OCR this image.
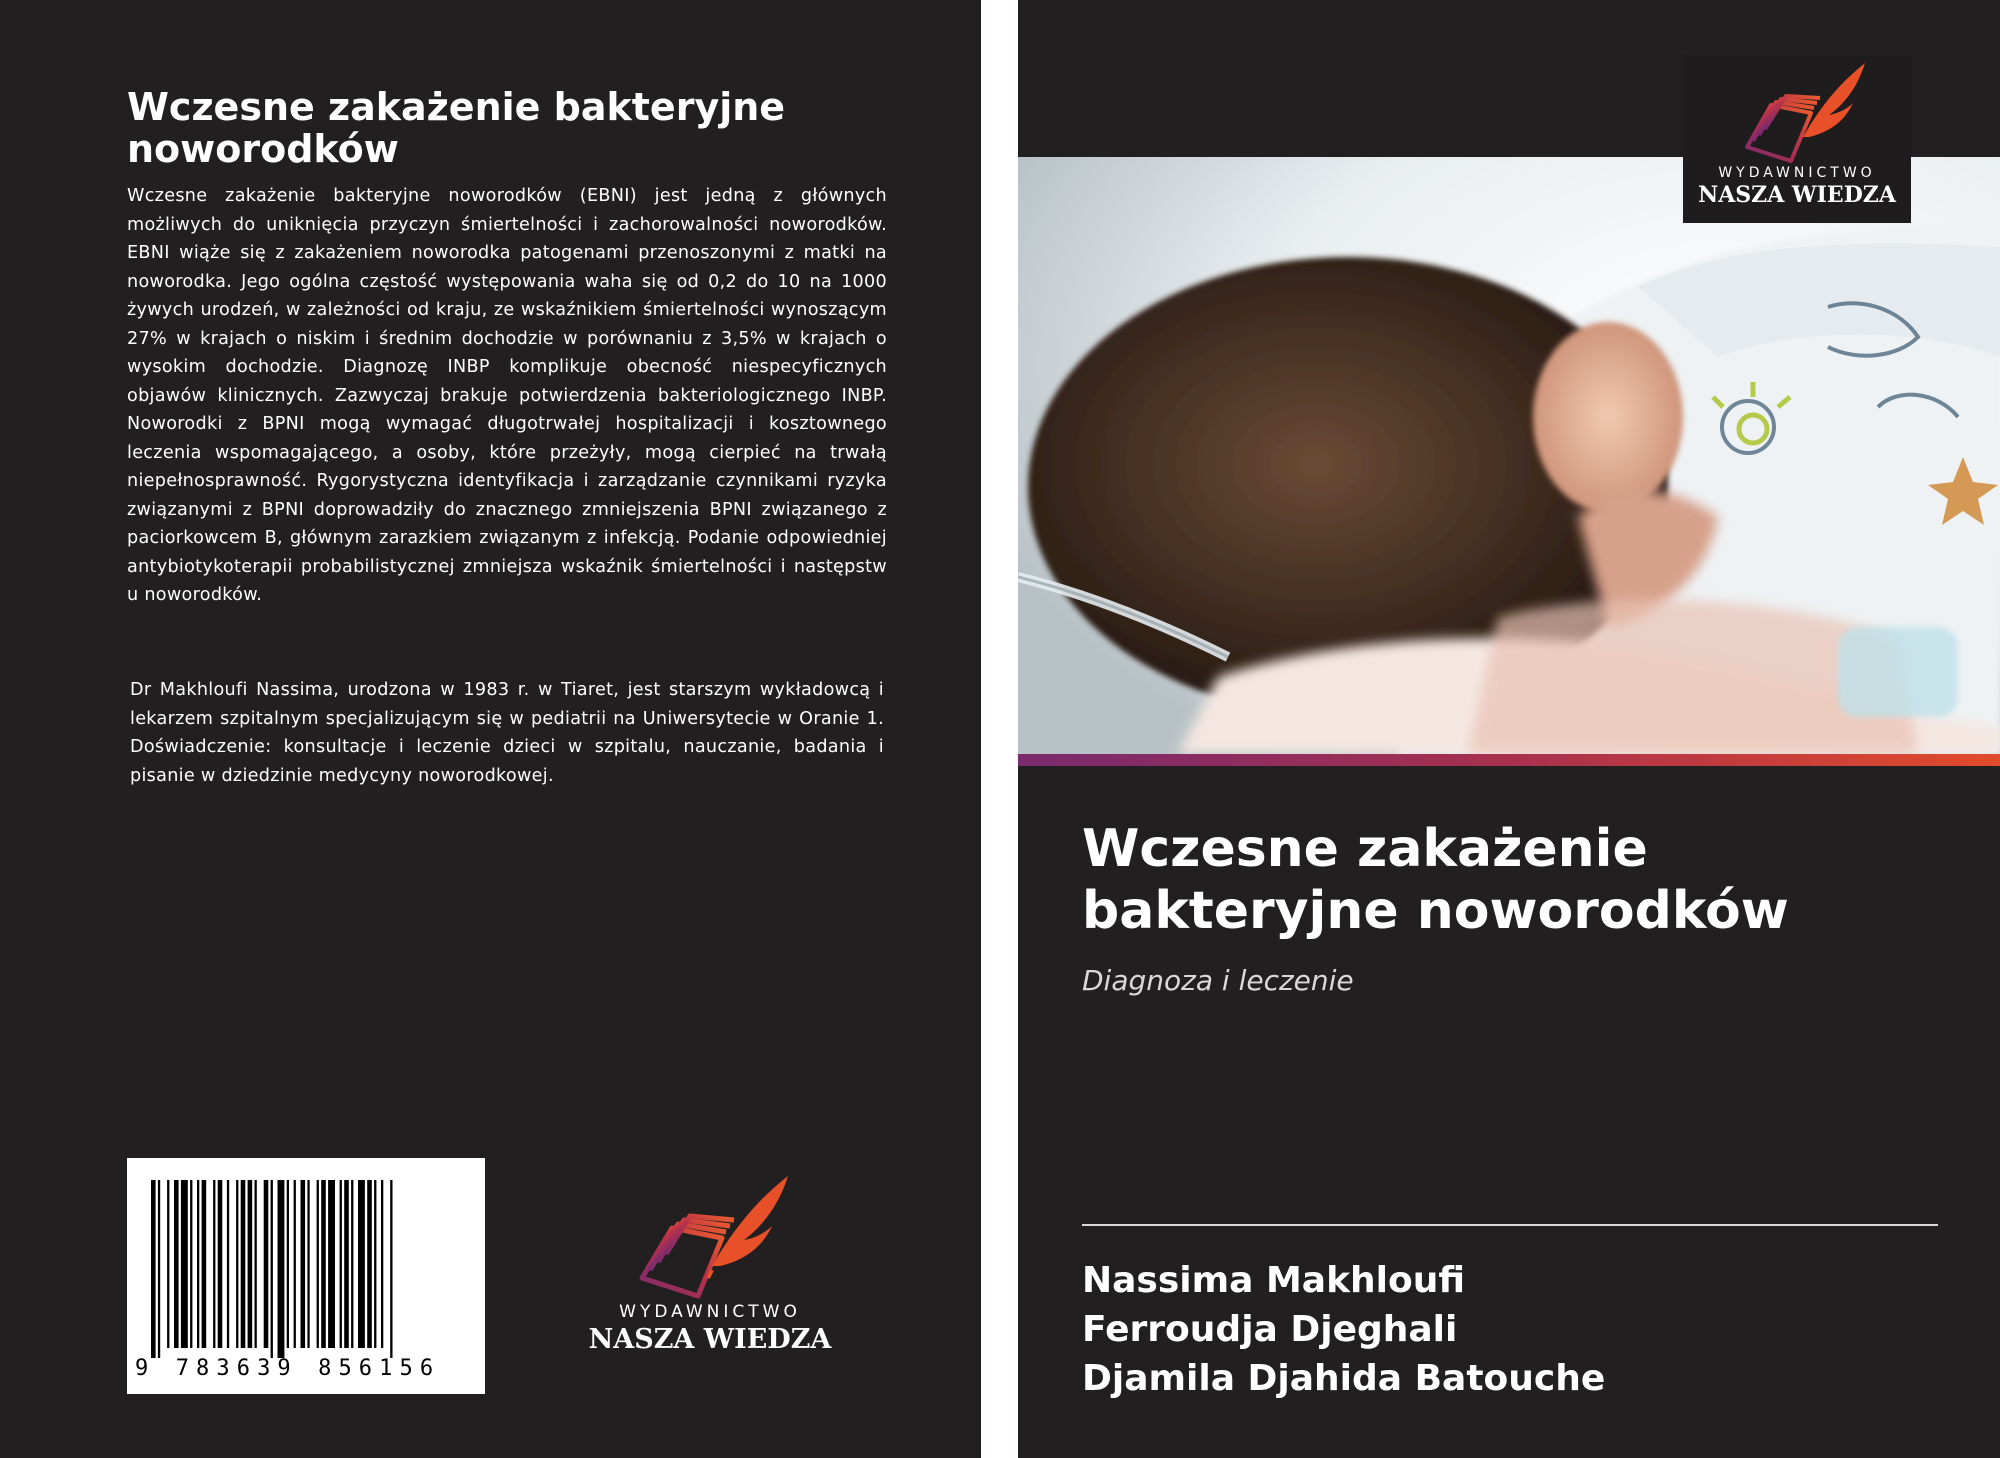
Wczesne zakażenie bakteryjne noworodków

Wczesne zakażenie bakteryjne noworodków (EBNI) jest jedną z głównych możliwych do uniknięcia przyczyn śmiertelności i zachorowalności noworodków. EBNI wiąże się z zakażeniem noworodka patogenami przenoszonymi z matki na noworodka. Jego ogólna częstość występowania waha się od 0,2 do 10 na 1000 żywych urodzeń, w zależności od kraju, ze wskaźnikiem śmiertelności wynoszącym 27% w krajach o niskim i średnim dochodzie w porównaniu z 3,5% w krajach o wysokim dochodzie. Diagnozę INBP komplikuje obecność niespecyficznych objawów klinicznych. Zazwyczaj brakuje potwierdzenia bakteriologicznego INBP. Noworodki z BPNI mogą wymagać długotrwałej hospitalizacji i kosztownego leczenia wspomagającego, a osoby, które przeżyły, mogą cierpieć na trwałą niepełnosprawność. Rygorystyczna identyfikacja i zarządzanie czynnikami ryzyka związanymi z BPNI doprowadziły do znacznego zmniejszenia BPNI związanego z paciorkowcem B, głównym zarazkiem związanym z infekcją. Podanie odpowiedniej antybiotykoterapii probabilistycznej zmniejsza wskaźnik śmiertelności i następstw u noworodków.

Dr Makhloufi Nassima, urodzona w 1983 r. w Tiaret, jest starszym wykładowcą i lekarzem szpitalnym specjalizującym się w pediatrii na Uniwersytecie w Oranie 1. Doświadczenie: konsultacje i leczenie dzieci w szpitalu, nauczanie, badania i pisanie w dziedzinie medycyny noworodkowej.

9 783639 856156
WYDAWNICTWO
NASZA WIEDZA
WYDAWNICTWO
NASZA WIEDZA
Wczesne zakażenie bakteryjne noworodków

Diagnoza i leczenie

Nassima Makhloufi
Ferroudja Djeghali
Djamila Djahida Batouche
